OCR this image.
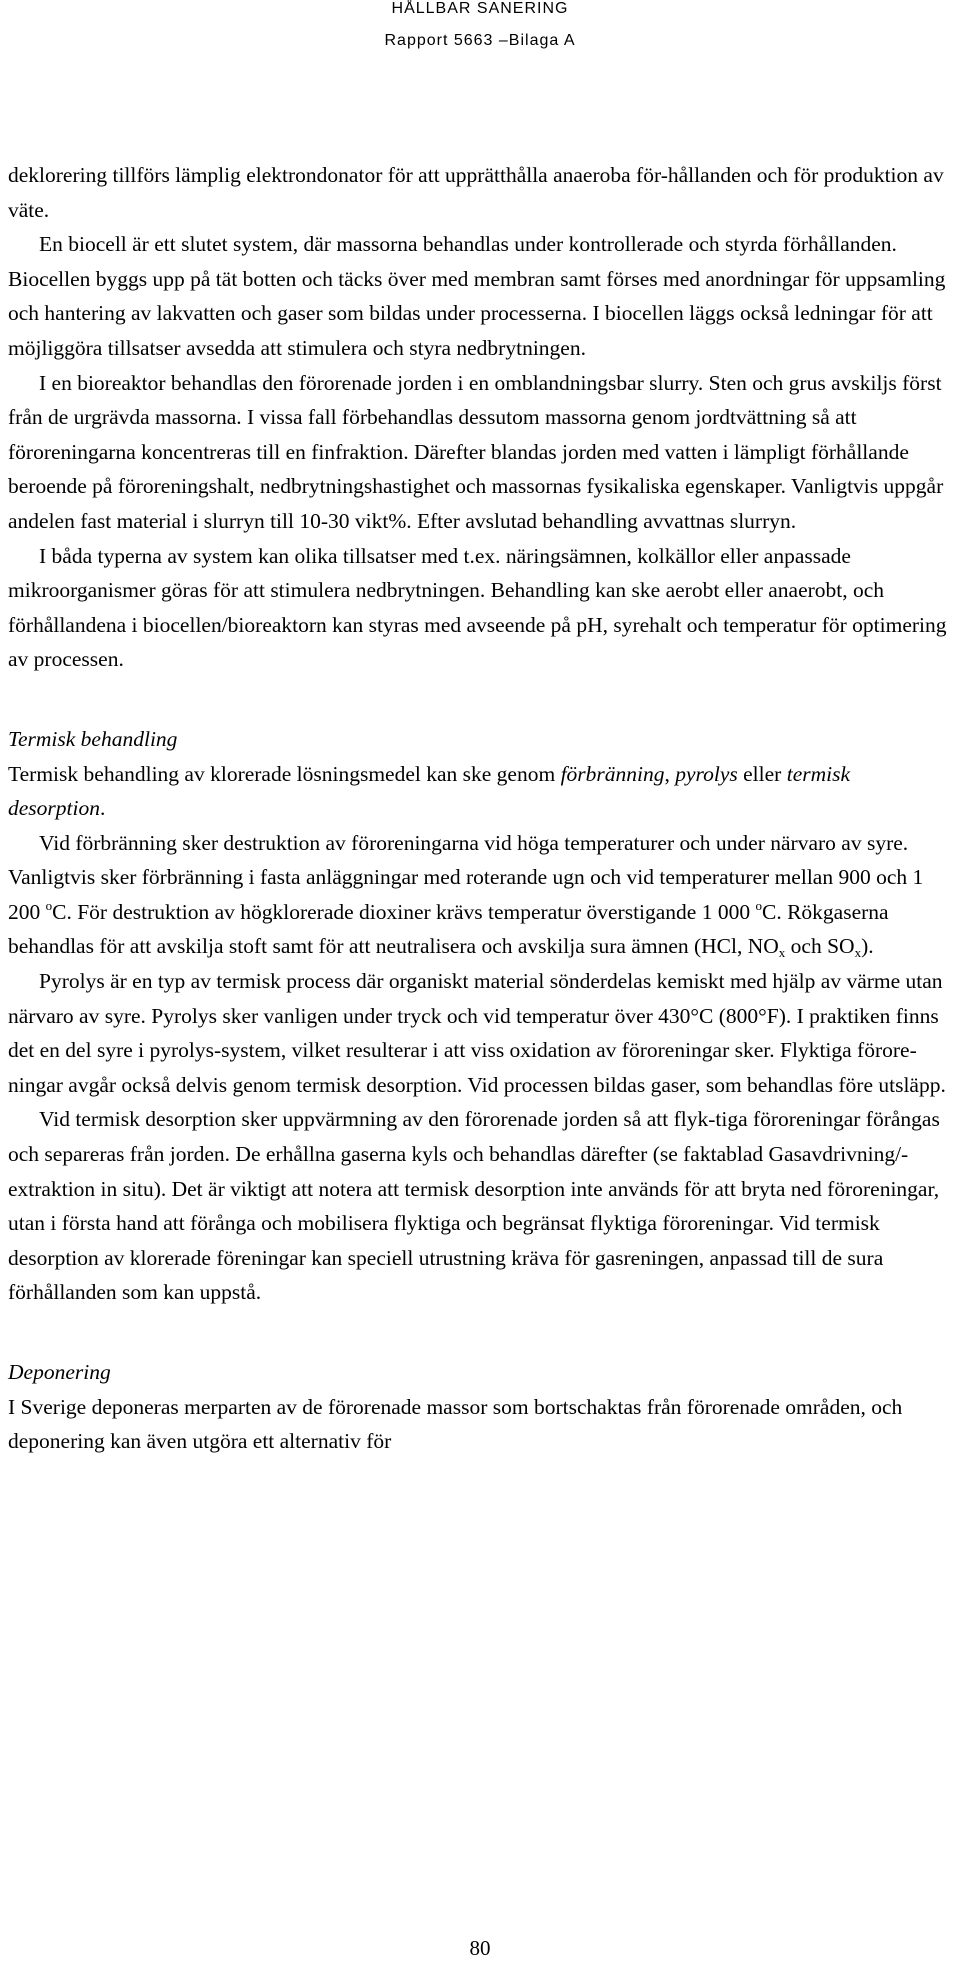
HÅLLBAR SANERING
Rapport 5663 –Bilaga A

deklorering tillförs lämplig elektrondonator för att upprätthålla anaeroba för-hållanden och för produktion av väte.

En biocell är ett slutet system, där massorna behandlas under kontrollerade och styrda förhållanden. Biocellen byggs upp på tät botten och täcks över med membran samt förses med anordningar för uppsamling och hantering av lakvatten och gaser som bildas under processerna. I biocellen läggs också ledningar för att möjliggöra tillsatser avsedda att stimulera och styra nedbrytningen.

I en bioreaktor behandlas den förorenade jorden i en omblandningsbar slurry. Sten och grus avskiljs först från de urgrävda massorna. I vissa fall förbehandlas dessutom massorna genom jordtvättning så att föroreningarna koncentreras till en finfraktion. Därefter blandas jorden med vatten i lämpligt förhållande beroende på föroreningshalt, nedbrytningshastighet och massornas fysikaliska egenskaper. Vanligtvis uppgår andelen fast material i slurryn till 10-30 vikt%. Efter avslutad behandling avvattnas slurryn.

I båda typerna av system kan olika tillsatser med t.ex. näringsämnen, kolkällor eller anpassade mikroorganismer göras för att stimulera nedbrytningen. Behandling kan ske aerobt eller anaerobt, och förhållandena i biocellen/bioreaktorn kan styras med avseende på pH, syrehalt och temperatur för optimering av processen.

Termisk behandling

Termisk behandling av klorerade lösningsmedel kan ske genom förbränning, pyrolys eller termisk desorption.

Vid förbränning sker destruktion av föroreningarna vid höga temperaturer och under närvaro av syre. Vanligtvis sker förbränning i fasta anläggningar med roterande ugn och vid temperaturer mellan 900 och 1 200 $^o$C. För destruktion av högklorerade dioxiner krävs temperatur överstigande 1 000 $^o$C. Rökgaserna behandlas för att avskilja stoft samt för att neutralisera och avskilja sura ämnen (HCl, $NO_x$ och $SO_x$).

Pyrolys är en typ av termisk process där organiskt material sönderdelas kemiskt med hjälp av värme utan närvaro av syre. Pyrolys sker vanligen under tryck och vid temperatur över 430°C (800°F). I praktiken finns det en del syre i pyrolys-system, vilket resulterar i att viss oxidation av föroreningar sker. Flyktiga förore-ningar avgår också delvis genom termisk desorption. Vid processen bildas gaser, som behandlas före utsläpp.

Vid termisk desorption sker uppvärmning av den förorenade jorden så att flyk-tiga föroreningar förångas och separeras från jorden. De erhållna gaserna kyls och behandlas därefter (se faktablad Gasavdrivning/-extraktion in situ). Det är viktigt att notera att termisk desorption inte används för att bryta ned föroreningar, utan i första hand att förånga och mobilisera flyktiga och begränsat flyktiga föroreningar. Vid termisk desorption av klorerade föreningar kan speciell utrustning kräva för gasreningen, anpassad till de sura förhållanden som kan uppstå.

Deponering

I Sverige deponeras merparten av de förorenade massor som bortschaktas från förorenade områden, och deponering kan även utgöra ett alternativ för

80
